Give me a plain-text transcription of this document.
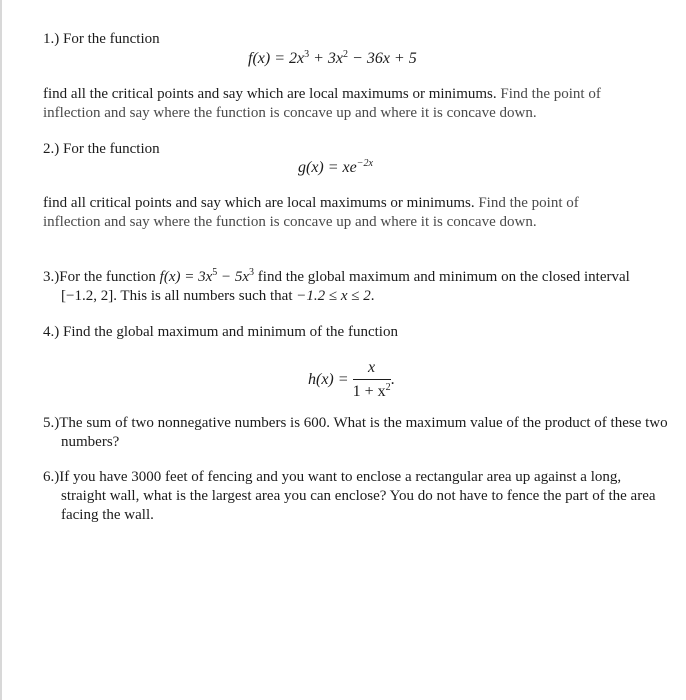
1.) For the function

$f(x) = 2x^3 + 3x^2 - 36x + 5$

find all the critical points and say which are local maximums or minimums. Find the point of inflection and say where the function is concave up and where it is concave down.

2.) For the function

$g(x) = xe^{-2x}$

find all critical points and say which are local maximums or minimums. Find the point of inflection and say where the function is concave up and where it is concave down.

3.)For the function $f(x) = 3x^5 - 5x^3$ find the global maximum and minimum on the closed interval [−1.2, 2]. This is all numbers such that −1.2 ≤ x ≤ 2.

4.) Find the global maximum and minimum of the function

$h(x) = \frac{x}{1 + x^2}$ .

5.)The sum of two nonnegative numbers is 600. What is the maximum value of the product of these two numbers?

6.)If you have 3000 feet of fencing and you want to enclose a rectangular area up against a long, straight wall, what is the largest area you can enclose? You do not have to fence the part of the area facing the wall.
